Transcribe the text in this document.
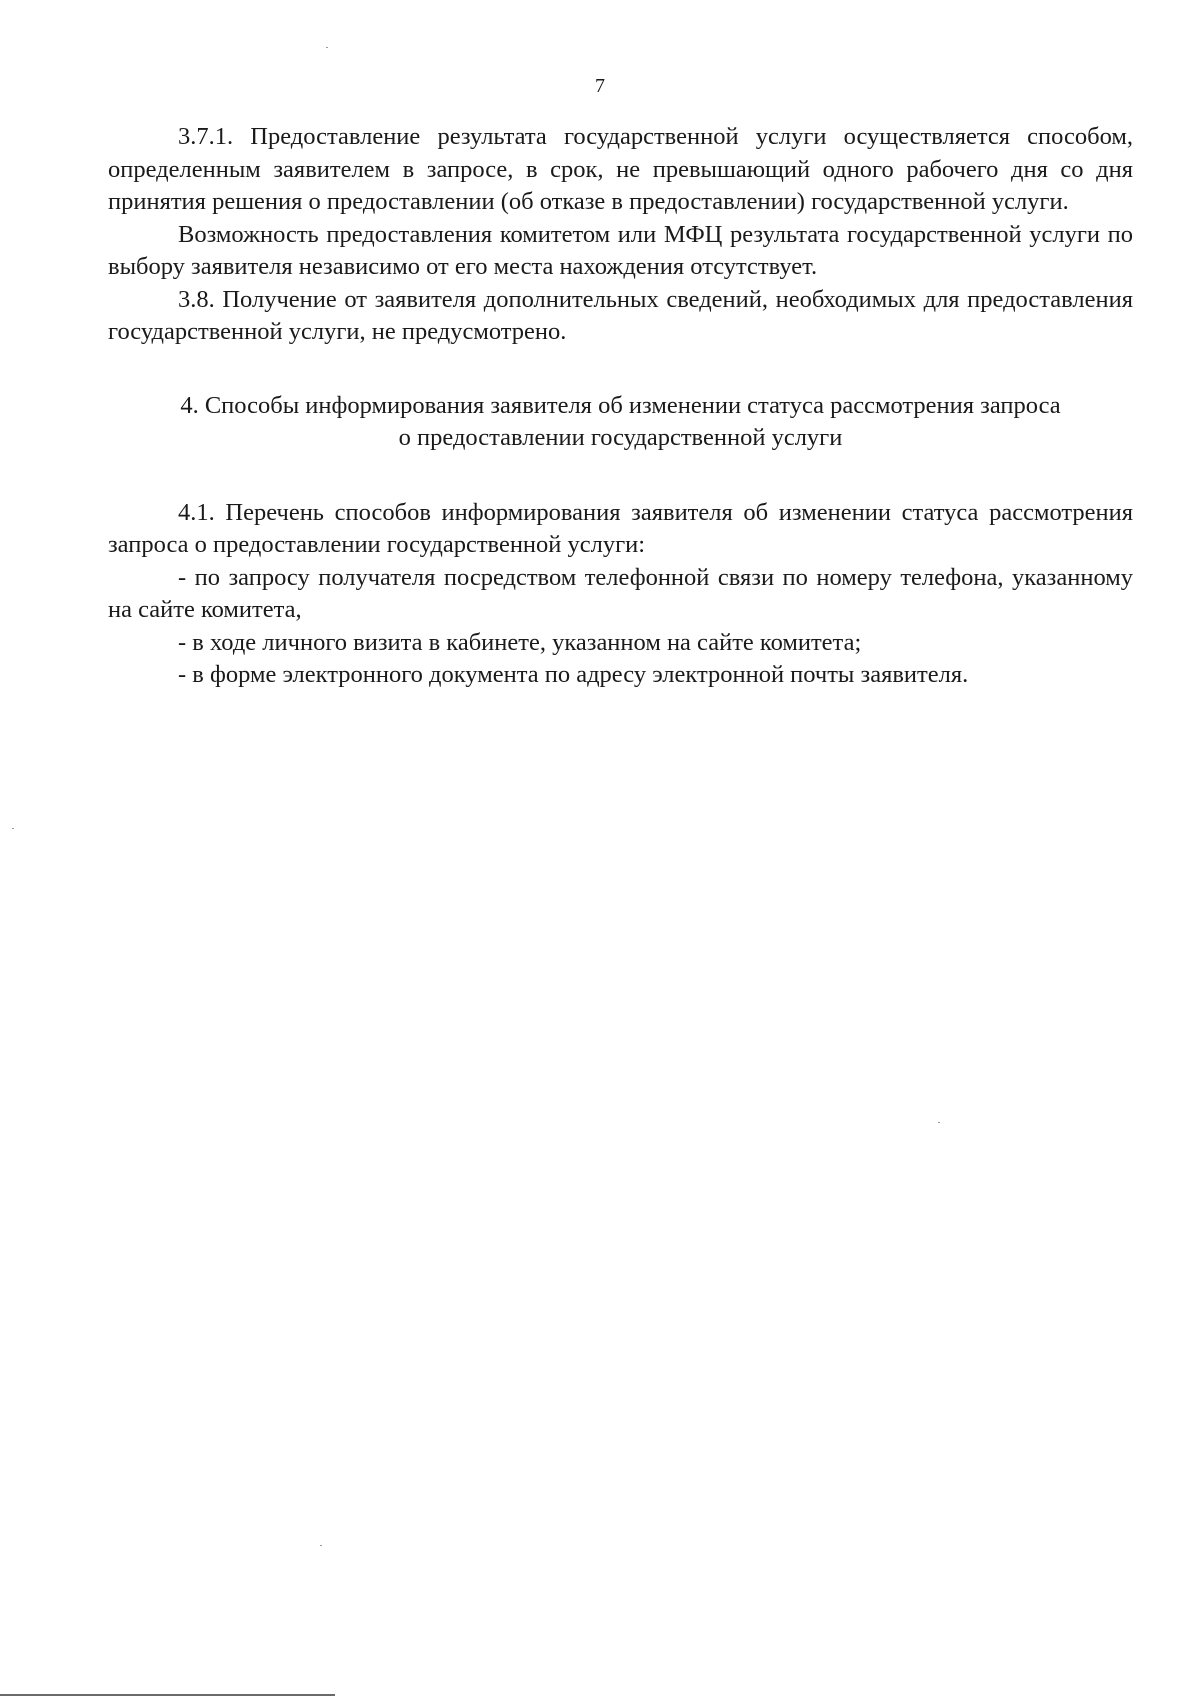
7

3.7.1. Предоставление результата государственной услуги осуществляется способом, определенным заявителем в запросе, в срок, не превышающий одного рабочего дня со дня принятия решения о предоставлении (об отказе в предоставлении) государственной услуги.

Возможность предоставления комитетом или МФЦ результата государственной услуги по выбору заявителя независимо от его места нахождения отсутствует.

3.8. Получение от заявителя дополнительных сведений, необходимых для предоставления государственной услуги, не предусмотрено.

4. Способы информирования заявителя об изменении статуса рассмотрения запроса
о предоставлении государственной услуги

4.1. Перечень способов информирования заявителя об изменении статуса рассмотрения запроса о предоставлении государственной услуги:

- по запросу получателя посредством телефонной связи по номеру телефона, указанному на сайте комитета,

- в ходе личного визита в кабинете, указанном на сайте комитета;

- в форме электронного документа по адресу электронной почты заявителя.
